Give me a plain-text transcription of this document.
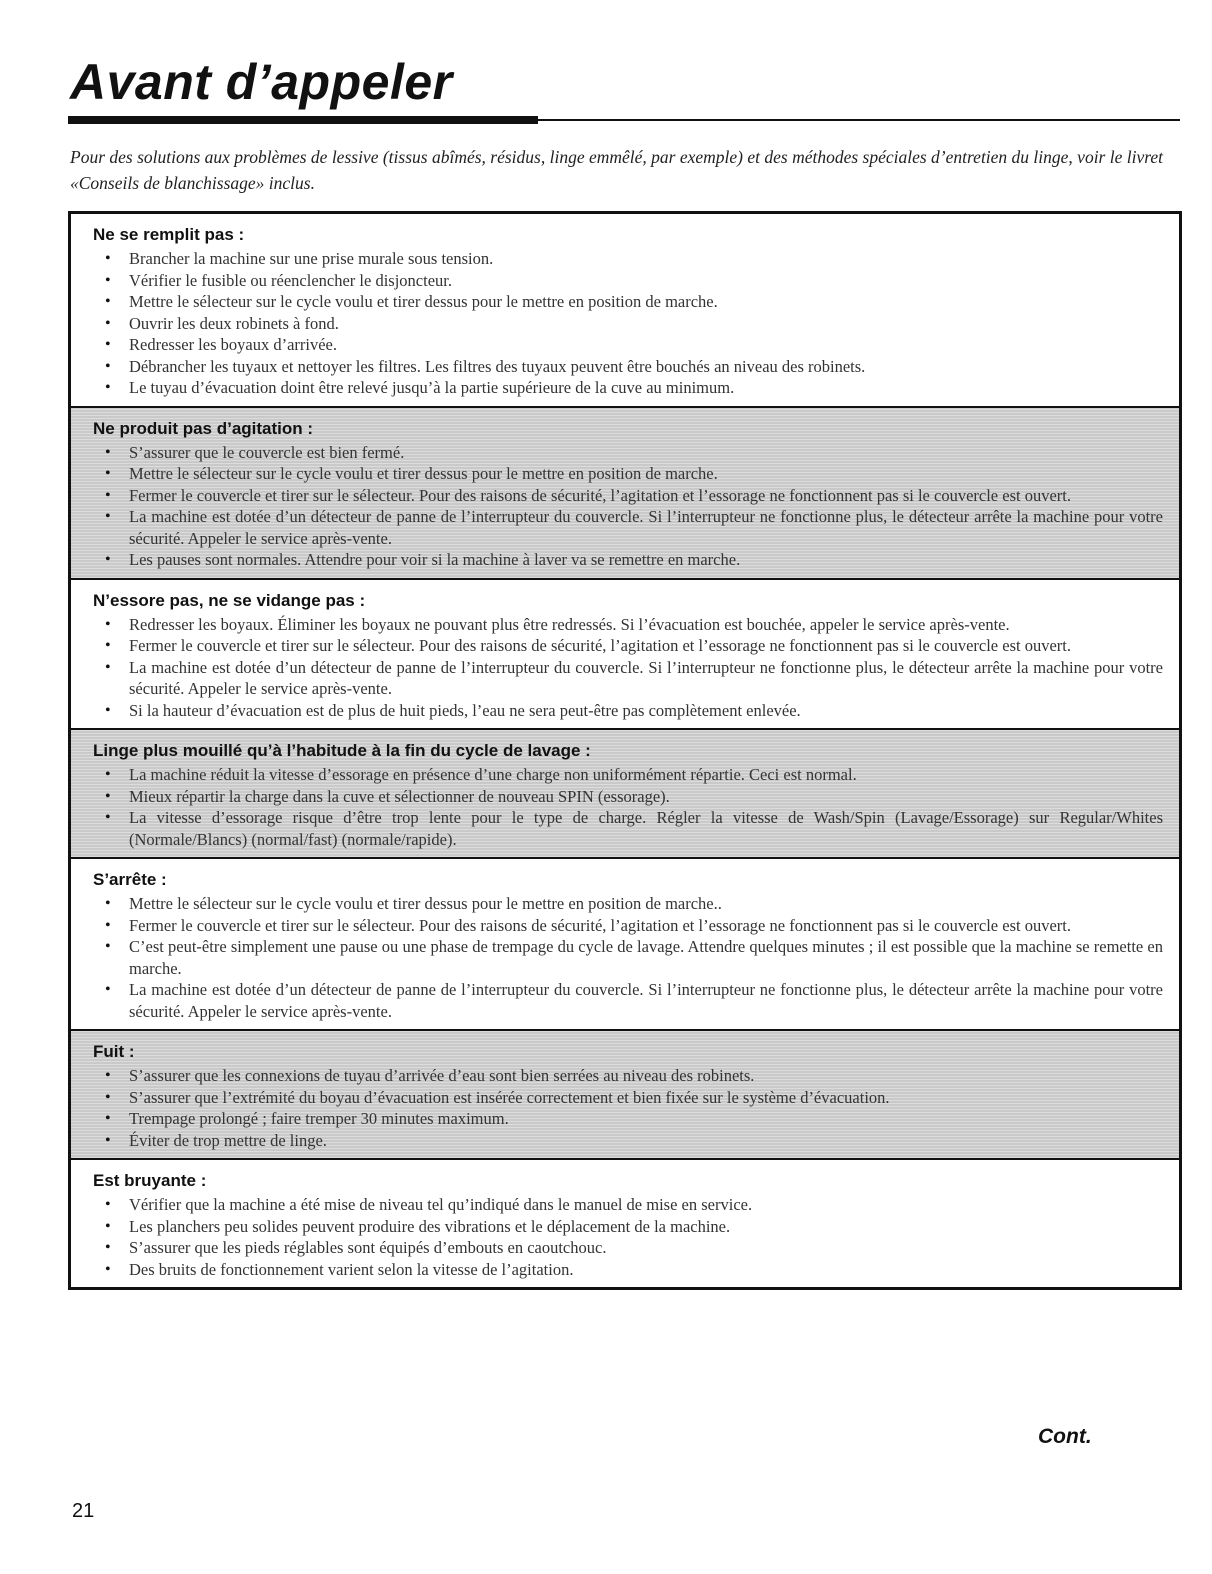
Avant d’appeler

Pour des solutions aux problèmes de lessive (tissus abîmés, résidus, linge emmêlé, par exemple) et des méthodes spéciales d’entretien du linge, voir le livret «Conseils de blanchissage» inclus.

Ne se remplit pas :
• Brancher la machine sur une prise murale sous tension.
• Vérifier le fusible ou réenclencher le disjoncteur.
• Mettre le sélecteur sur le cycle voulu et tirer dessus pour le mettre en position de marche.
• Ouvrir les deux robinets à fond.
• Redresser les boyaux d’arrivée.
• Débrancher les tuyaux et nettoyer les filtres. Les filtres des tuyaux peuvent être bouchés an niveau des robinets.
• Le tuyau d’évacuation doint être relevé jusqu’à la partie supérieure de la cuve au minimum.
Ne produit pas d’agitation :
• S’assurer que le couvercle est bien fermé.
• Mettre le sélecteur sur le cycle voulu et tirer dessus pour le mettre en position de marche.
• Fermer le couvercle et tirer sur le sélecteur. Pour des raisons de sécurité, l’agitation et l’essorage ne fonctionnent pas si le couvercle est ouvert.
• La machine est dotée d’un détecteur de panne de l’interrupteur du couvercle. Si l’interrupteur ne fonctionne plus, le détecteur arrête la machine pour votre sécurité. Appeler le service après-vente.
• Les pauses sont normales. Attendre pour voir si la machine à laver va se remettre en marche.
N’essore pas, ne se vidange pas :
• Redresser les boyaux. Éliminer les boyaux ne pouvant plus être redressés. Si l’évacuation est bouchée, appeler le service après-vente.
• Fermer le couvercle et tirer sur le sélecteur. Pour des raisons de sécurité, l’agitation et l’essorage ne fonctionnent pas si le couvercle est ouvert.
• La machine est dotée d’un détecteur de panne de l’interrupteur du couvercle. Si l’interrupteur ne fonctionne plus, le détecteur arrête la machine pour votre sécurité. Appeler le service après-vente.
• Si la hauteur d’évacuation est de plus de huit pieds, l’eau ne sera peut-être pas complètement enlevée.
Linge plus mouillé qu’à l’habitude à la fin du cycle de lavage :
• La machine réduit la vitesse d’essorage en présence d’une charge non uniformément répartie. Ceci est normal.
• Mieux répartir la charge dans la cuve et sélectionner de nouveau SPIN (essorage).
• La vitesse d’essorage risque d’être trop lente pour le type de charge. Régler la vitesse de Wash/Spin (Lavage/Essorage) sur Regular/Whites (Normale/Blancs) (normal/fast) (normale/rapide).
S’arrête :
• Mettre le sélecteur sur le cycle voulu et tirer dessus pour le mettre en position de marche..
• Fermer le couvercle et tirer sur le sélecteur. Pour des raisons de sécurité, l’agitation et l’essorage ne fonctionnent pas si le couvercle est ouvert.
• C’est peut-être simplement une pause ou une phase de trempage du cycle de lavage. Attendre quelques minutes ; il est possible que la machine se remette en marche.
• La machine est dotée d’un détecteur de panne de l’interrupteur du couvercle. Si l’interrupteur ne fonctionne plus, le détecteur arrête la machine pour votre sécurité. Appeler le service après-vente.
Fuit :
• S’assurer que les connexions de tuyau d’arrivée d’eau sont bien serrées au niveau des robinets.
• S’assurer que l’extrémité du boyau d’évacuation est insérée correctement et bien fixée sur le système d’évacuation.
• Trempage prolongé ; faire tremper 30 minutes maximum.
• Éviter de trop mettre de linge.
Est bruyante :
• Vérifier que la machine a été mise de niveau tel qu’indiqué dans le manuel de mise en service.
• Les planchers peu solides peuvent produire des vibrations et le déplacement de la machine.
• S’assurer que les pieds réglables sont équipés d’embouts en caoutchouc.
• Des bruits de fonctionnement varient selon la vitesse de l’agitation.
Cont.
21
